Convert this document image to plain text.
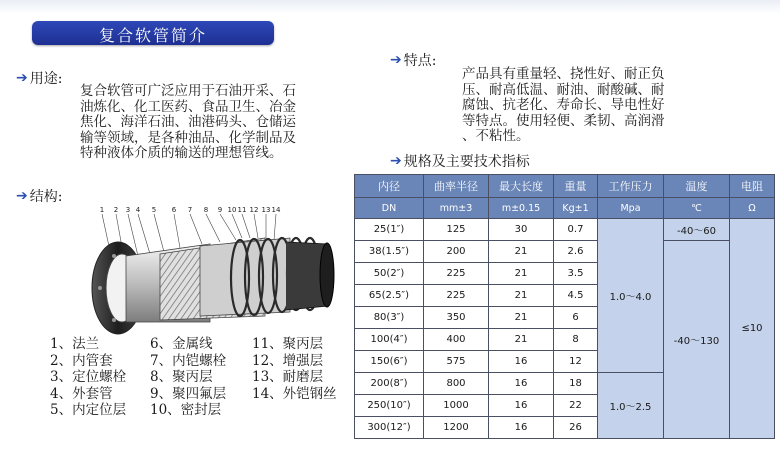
复合软管简介
➔ 用途:
复合软管可广泛应用于石油开采、石
油炼化、化工医药、食品卫生、冶金
焦化、海洋石油、油港码头、仓储运
输等领域，是各种油品、化学制品及
特种液体介质的输送的理想管线。
➔ 结构:
1 2 3 4 5 6 7 8 9 10 11 12 13 14
1、法兰
2、内管套
3、定位螺栓
4、外套管
5、内定位层
6、金属线
7、内铠螺栓
8、聚丙层
9、聚四氟层
10、密封层
11、聚丙层
12、增强层
13、耐磨层
14、外铠钢丝
➔ 特点:
产品具有重量轻、挠性好、耐正负
压、耐高低温、耐油、耐酸碱、耐
腐蚀、抗老化、寿命长、导电性好
等特点。使用轻便、柔韧、高润滑
、不粘性。
➔ 规格及主要技术指标
内径	曲率半径	最大长度	重量	工作压力	温度	电阻
DN	mm±3	m±0.15	Kg±1	Mpa	℃	Ω
25(1″)	125	30	0.7	1.0～4.0	-40～60	≤10
38(1.5″)	200	21	2.6		-40～130	
50(2″)	225	21	3.5			
65(2.5″)	225	21	4.5			
80(3″)	350	21	6			
100(4″)	400	21	8			
150(6″)	575	16	12			
200(8″)	800	16	18	1.0～2.5		
250(10″)	1000	16	22			
300(12″)	1200	16	26			
